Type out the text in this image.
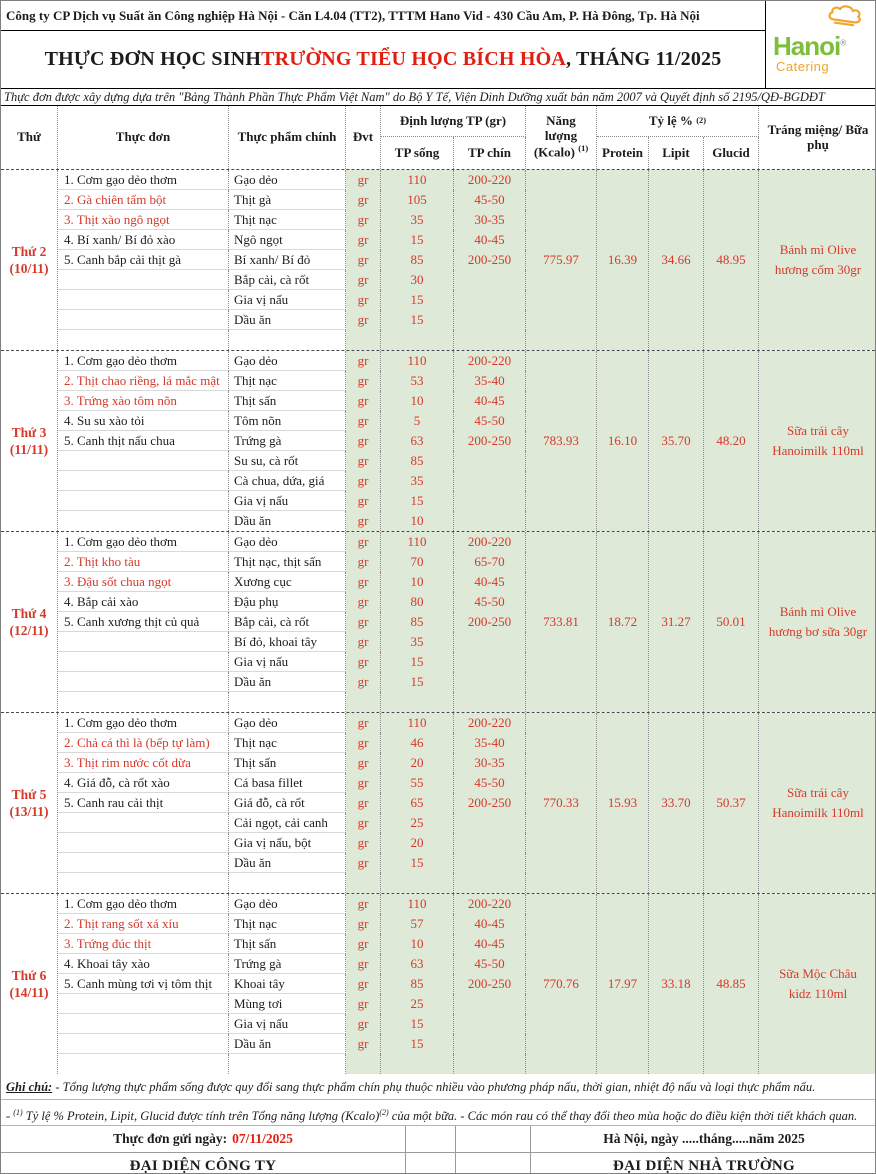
Công ty CP Dịch vụ Suất ăn Công nghiệp Hà Nội - Căn L4.04 (TT2), TTTM Hano Vid - 430 Cầu Am, P. Hà Đông, Tp. Hà Nội
THỰC ĐƠN HỌC SINH TRƯỜNG TIỂU HỌC BÍCH HÒA , THÁNG 11/2025 Hanoi®
Catering
Thực đơn được xây dựng dựa trên "Bảng Thành Phần Thực Phẩm Việt Nam" do Bộ Y Tế, Viện Dinh Dưỡng xuất bản năm 2007 và Quyết định số 2195/QĐ-BGDĐT
Thứ	Thực đơn	Thực phẩm chính	Đvt
Định lượng TP (gr)	Năng
lượng
(Kcalo) $^{(1)}$
Tỷ lệ %
(2)
Tráng miệng/ Bữa phụ
TP sống	TP chín	Protein	Lipit	Glucid
Thứ 2
(10/11)
1. Cơm gạo dẻo thơm	Gạo dẻo	gr	110	200-220
2. Gà chiên tẩm bột	Thịt gà	gr	105	45-50
3. Thịt xào ngô ngọt	Thịt nạc	gr	35	30-35
4. Bí xanh/ Bí đỏ xào	Ngô ngọt	gr	15	40-45
5. Canh bắp cải thịt gà	Bí xanh/ Bí đỏ	gr	85	200-250
Bắp cải, cà rốt	gr	30
Gia vị nấu	gr	15
Dầu ăn	gr	15
775.97	16.39	34.66	48.95
Bánh mì Olive hương cốm 30gr
Thứ 3
(11/11)
1. Cơm gạo dẻo thơm	Gạo dẻo	gr	110	200-220
2. Thịt chao riềng, lá mắc mật	Thịt nạc	gr	53	35-40
3. Trứng xào tôm nõn	Thịt sấn	gr	10	40-45
4. Su su xào tỏi	Tôm nõn	gr	5	45-50
5. Canh thịt nấu chua	Trứng gà	gr	63	200-250
Su su, cà rốt	gr	85
Cà chua, dứa, giá	gr	35
Gia vị nấu	gr	15
Dầu ăn	gr	10
783.93	16.10	35.70	48.20
Sữa trái cây Hanoimilk 110ml
Thứ 4
(12/11)
1. Cơm gạo dẻo thơm	Gạo dẻo	gr	110	200-220
2. Thịt kho tàu	Thịt nạc, thịt sấn	gr	70	65-70
3. Đậu sốt chua ngọt	Xương cục	gr	10	40-45
4. Bắp cải xào	Đậu phụ	gr	80	45-50
5. Canh xương thịt củ quả	Bắp cải, cà rốt	gr	85	200-250
Bí đỏ, khoai tây	gr	35
Gia vị nấu	gr	15
Dầu ăn	gr	15
733.81	18.72	31.27	50.01
Bánh mì Olive hương bơ sữa 30gr
Thứ 5
(13/11)
1. Cơm gạo dẻo thơm	Gạo dẻo	gr	110	200-220
2. Chả cá thì là (bếp tự làm)	Thịt nạc	gr	46	35-40
3. Thịt rim nước cốt dừa	Thịt sấn	gr	20	30-35
4. Giá đỗ, cà rốt xào	Cá basa fillet	gr	55	45-50
5. Canh rau cải thịt	Giá đỗ, cà rốt	gr	65	200-250
Cải ngọt, cải canh	gr	25
Gia vị nấu, bột	gr	20
Dầu ăn	gr	15
770.33	15.93	33.70	50.37
Sữa trái cây Hanoimilk 110ml
Thứ 6
(14/11)
1. Cơm gạo dẻo thơm	Gạo dẻo	gr	110	200-220
2. Thịt rang sốt xá xíu	Thịt nạc	gr	57	40-45
3. Trứng đúc thịt	Thịt sấn	gr	10	40-45
4. Khoai tây xào	Trứng gà	gr	63	45-50
5. Canh mùng tơi vị tôm thịt	Khoai tây	gr	85	200-250
Mùng tơi	gr	25
Gia vị nấu	gr	15
Dầu ăn	gr	15
770.76	17.97	33.18	48.85
Sữa Mộc Châu kidz 110ml
Ghi chú: - Tổng lượng thực phẩm sống được quy đổi sang thực phẩm chín phụ thuộc nhiều vào phương pháp nấu, thời gian, nhiệt độ nấu và loại thực phẩm nấu.
- $^{(1)}$ Tỷ lệ % Protein, Lipit, Glucid được tính trên Tổng năng lượng (Kcalo)$^{(2)}$ của một bữa. - Các món rau có thể thay đổi theo mùa hoặc do điều kiện thời tiết khách quan.
Thực đơn gửi ngày: 07/11/2025	Hà Nội, ngày .....tháng.....năm 2025
ĐẠI DIỆN CÔNG TY	ĐẠI DIỆN NHÀ TRƯỜNG
